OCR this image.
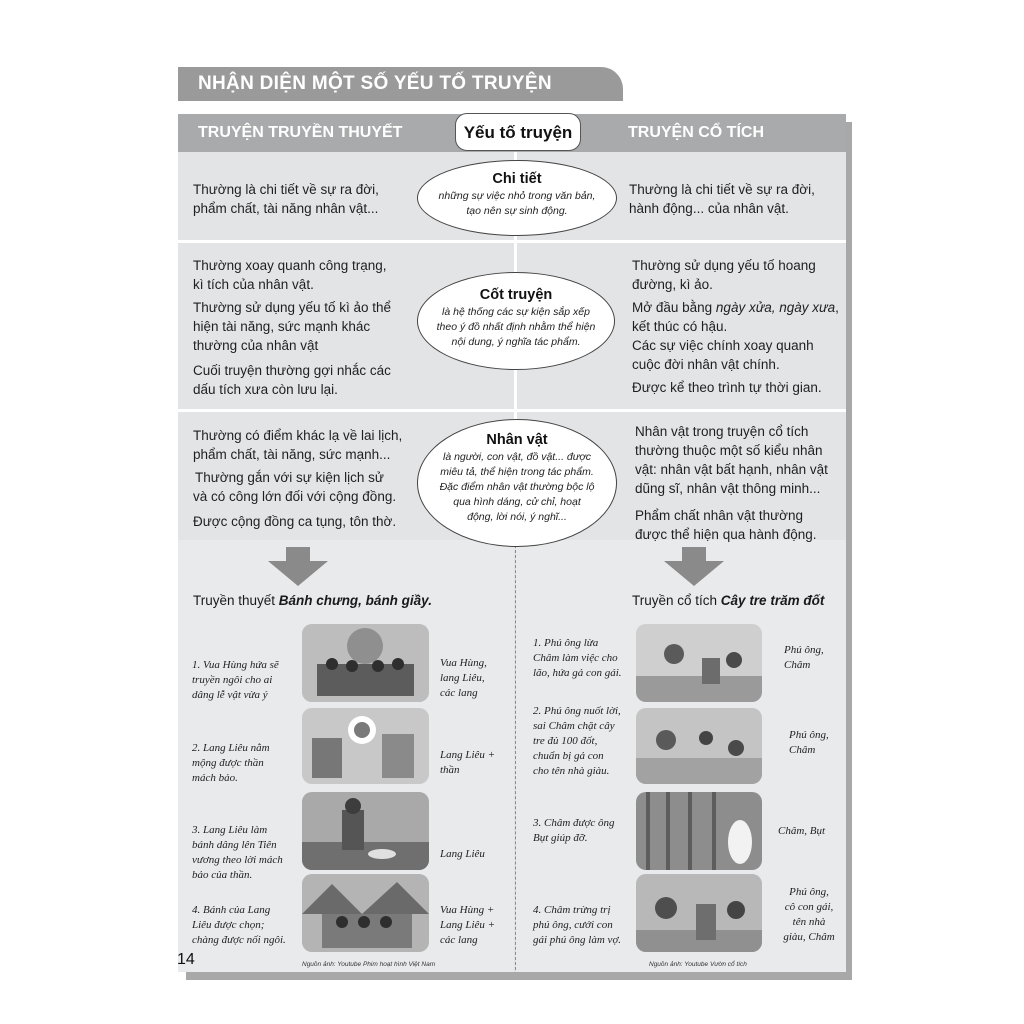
NHẬN DIỆN MỘT SỐ YẾU TỐ TRUYỆN
TRUYỆN TRUYỀN THUYẾT	TRUYỆN CỔ TÍCH
Yếu tố truyện
Thường là chi tiết về sự ra đời,
phẩm chất, tài năng nhân vật...
Chi tiết
những sự việc nhỏ trong văn bản,
tạo nên sự sinh động.
Thường là chi tiết về sự ra đời,
hành động... của nhân vật.
Thường xoay quanh công trạng,
kì tích của nhân vật.
Thường sử dụng yếu tố kì ảo thể
hiện tài năng, sức mạnh khác
thường của nhân vật
Cuối truyện thường gợi nhắc các
dấu tích xưa còn lưu lại.
Cốt truyện
là hệ thống các sự kiện sắp xếp
theo ý đồ nhất định nhằm thể hiện
nội dung, ý nghĩa tác phẩm.
Thường sử dụng yếu tố hoang
đường, kì ảo.
Mở đầu bằng ngày xửa, ngày xưa,
kết thúc có hậu.
Các sự việc chính xoay quanh
cuộc đời nhân vật chính.
Được kể theo trình tự thời gian.
Thường có điểm khác lạ về lai lịch,
phẩm chất, tài năng, sức mạnh...
Thường gắn với sự kiện lịch sử
và có công lớn đối với cộng đồng.
Được cộng đồng ca tụng, tôn thờ.
Nhân vật
là người, con vật, đồ vật... được
miêu tả, thể hiện trong tác phẩm.
Đặc điểm nhân vật thường bộc lộ
qua hình dáng, cử chỉ, hoạt
động, lời nói, ý nghĩ...
Nhân vật trong truyện cổ tích
thường thuộc một số kiểu nhân
vật: nhân vật bất hạnh, nhân vật
dũng sĩ, nhân vật thông minh...
Phẩm chất nhân vật thường
được thể hiện qua hành động.
Truyền thuyết Bánh chưng, bánh giầy.	Truyền cổ tích Cây tre trăm đốt
1. Vua Hùng hứa sẽ
truyền ngôi cho ai
dâng lễ vật vừa ý
Vua Hùng,
lang Liêu,
các lang
2. Lang Liêu nằm
mộng được thần
mách bảo.
Lang Liêu +
thần
3. Lang Liêu làm
bánh dâng lên Tiên
vương theo lời mách
bảo của thần.
Lang Liêu
4. Bánh của Lang
Liêu được chọn;
chàng được nối ngôi.
Vua Hùng +
Lang Liêu +
các lang
Nguồn ảnh: Youtube Phim hoạt hình Việt Nam
1. Phú ông lừa
Châm làm việc cho
lão, hứa gả con gái.
Phú ông,
Châm
2. Phú ông nuốt lời,
sai Châm chặt cây
tre đủ 100 đốt,
chuẩn bị gả con
cho tên nhà giàu.
Phú ông,
Châm
3. Châm được ông
Bụt giúp đỡ.
Châm, Bụt
4. Châm trừng trị
phú ông, cưới con
gái phú ông làm vợ.
Phú ông,
cô con gái,
tên nhà
giàu, Châm
Nguồn ảnh: Youtube Vườn cổ tích
14
